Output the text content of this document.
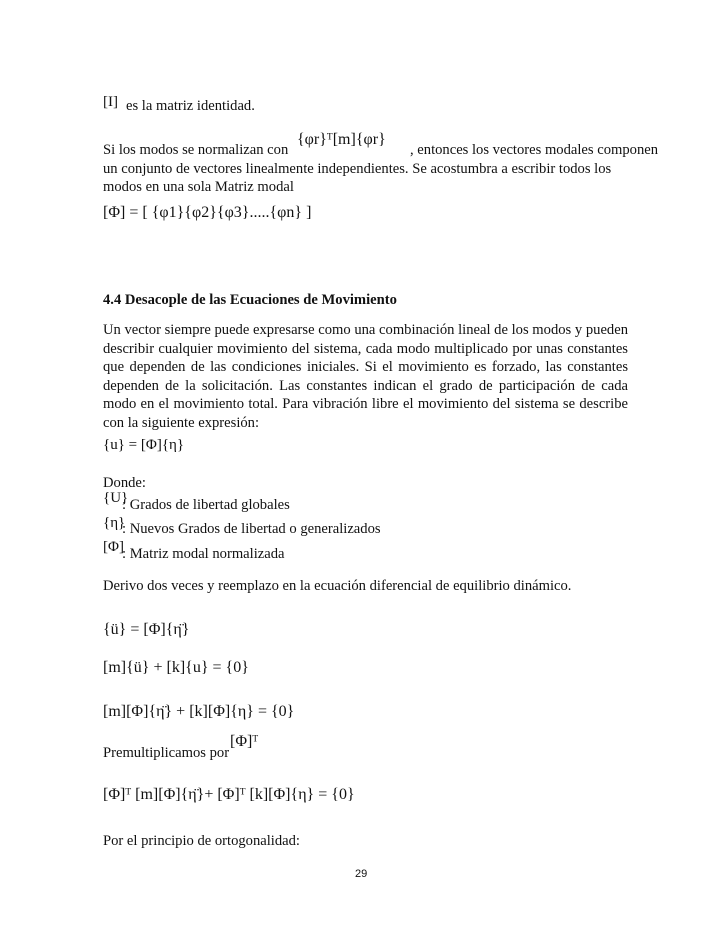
[I] es la matriz identidad.
Si los modos se normalizan con
{φr}ᵀ[m]{φr}
, entonces los vectores modales componen
un conjunto de vectores linealmente independientes. Se acostumbra a escribir todos los
modos en una sola Matriz modal
[Φ] = [ {φ1}{φ2}{φ3}.....{φn} ]
4.4 Desacople de las Ecuaciones de Movimiento
Un vector siempre puede expresarse como una combinación lineal de los modos y pueden describir cualquier movimiento del sistema, cada modo multiplicado por unas constantes que dependen de las condiciones iniciales. Si el movimiento es forzado, las constantes dependen de la solicitación. Las constantes indican el grado de participación de cada modo en el movimiento total. Para vibración libre el movimiento del sistema se describe con la siguiente expresión:
{u} = [Φ]{η}
Donde:
{U}
: Grados de libertad globales
{η}
: Nuevos Grados de libertad o generalizados
[Φ]
: Matriz modal normalizada
Derivo dos veces y reemplazo en la ecuación diferencial de equilibrio dinámico.
{ü} = [Φ]{η̈}
[m]{ü} + [k]{u} = {0}
[m][Φ]{η̈} + [k][Φ]{η} = {0}
Premultiplicamos por
[Φ]ᵀ
[Φ]ᵀ [m][Φ]{η̈}+ [Φ]ᵀ [k][Φ]{η} = {0}
Por el principio de ortogonalidad:
29
